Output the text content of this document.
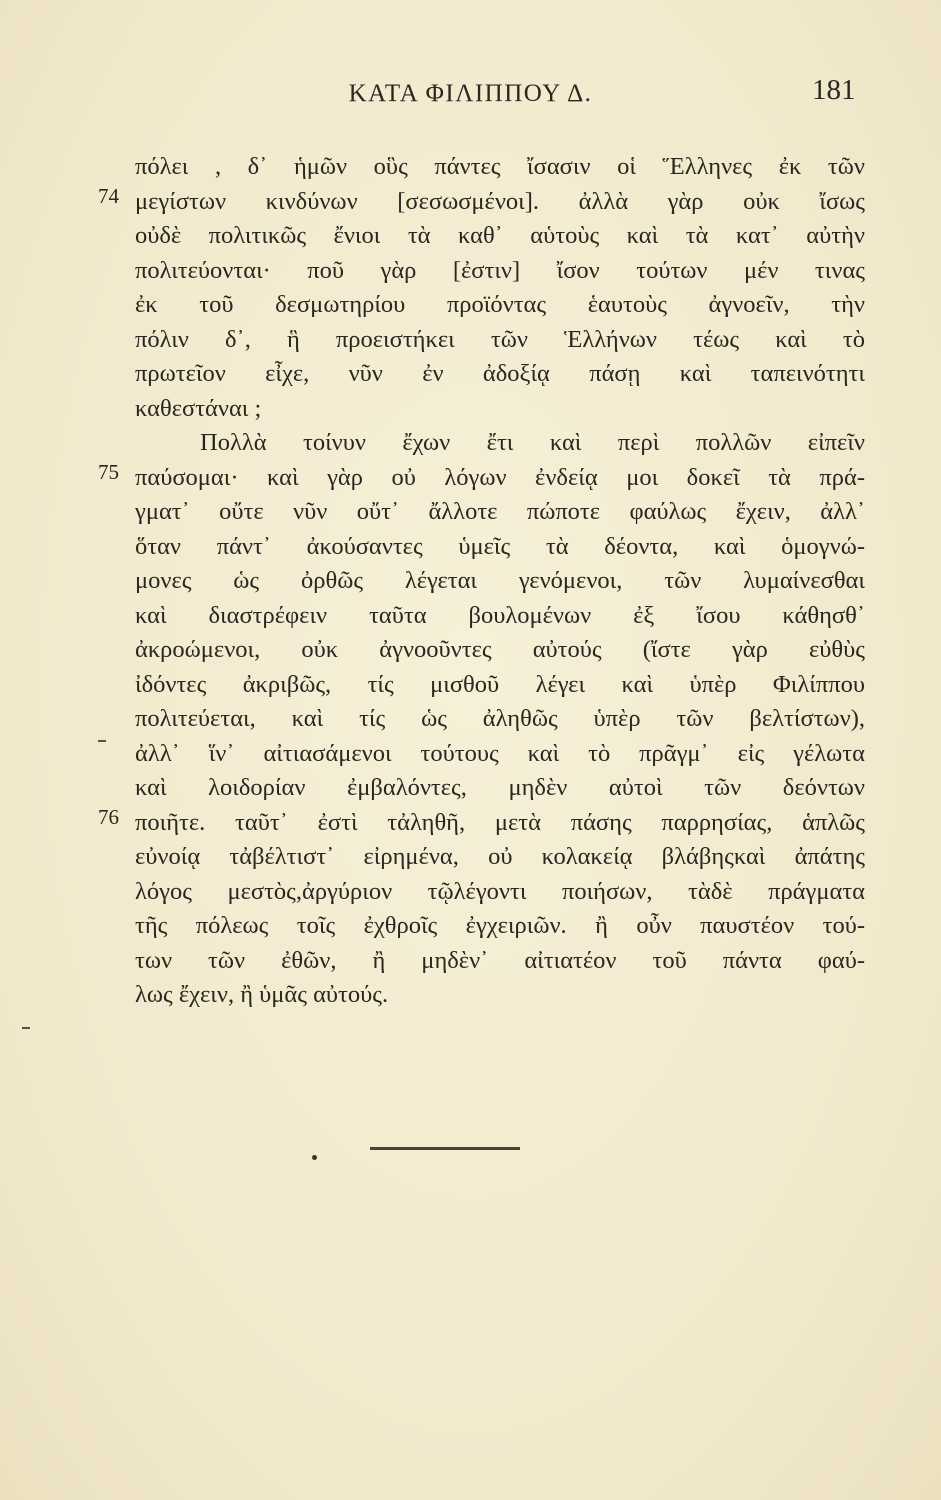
ΚΑΤΑ ΦΙΛΙΠΠΟΥ Δ.	181
74
75
76
πόλει , δ᾽ ἡμῶν οὓς πάντες ἴσασιν οἱ Ἕλληνες ἐκ τῶν
μεγίστων κινδύνων [σεσωσμένοι]. ἀλλὰ γὰρ οὐκ ἴσως
οὐδὲ πολιτικῶς ἔνιοι τὰ καθ᾽ αὑτοὺς καὶ τὰ κατ᾽ αὐτὴν
πολιτεύονται· ποῦ γὰρ [ἐστιν] ἴσον τούτων μέν τινας
ἐκ τοῦ δεσμωτηρίου προϊόντας ἑαυτοὺς ἀγνοεῖν, τὴν
πόλιν δ᾽, ἣ προειστήκει τῶν Ἑλλήνων τέως καὶ τὸ
πρωτεῖον εἶχε, νῦν ἐν ἀδοξίᾳ πάσῃ καὶ ταπεινότητι
καθεστάναι ;
Πολλὰ τοίνυν ἔχων ἔτι καὶ περὶ πολλῶν εἰπεῖν
παύσομαι· καὶ γὰρ οὐ λόγων ἐνδείᾳ μοι δοκεῖ τὰ πρά-
γματ᾽ οὔτε νῦν οὔτ᾽ ἄλλοτε πώποτε φαύλως ἔχειν, ἀλλ᾽
ὅταν πάντ᾽ ἀκούσαντες ὑμεῖς τὰ δέοντα, καὶ ὁμογνώ-
μονες ὡς ὀρθῶς λέγεται γενόμενοι, τῶν λυμαίνεσθαι
καὶ διαστρέφειν ταῦτα βουλομένων ἐξ ἴσου κάθησθ᾽
ἀκροώμενοι, οὐκ ἀγνοοῦντες αὐτούς (ἴστε γὰρ εὐθὺς
ἰδόντες ἀκριβῶς, τίς μισθοῦ λέγει καὶ ὑπὲρ Φιλίππου
πολιτεύεται, καὶ τίς ὡς ἀληθῶς ὑπὲρ τῶν βελτίστων),
ἀλλ᾽ ἵν᾽ αἰτιασάμενοι τούτους καὶ τὸ πρᾶγμ᾽ εἰς γέλωτα
καὶ λοιδορίαν ἐμβαλόντες, μηδὲν αὐτοὶ τῶν δεόντων
ποιῆτε. ταῦτ᾽ ἐστὶ τἀληθῆ, μετὰ πάσης παρρησίας, ἁπλῶς
εὐνοίᾳ τἀβέλτιστ᾽ εἰρημένα, οὐ κολακείᾳ βλάβηςκαὶ ἀπάτης
λόγος μεστὸς,ἀργύριον τῷλέγοντι ποιήσων, τὰδὲ πράγματα
τῆς πόλεως τοῖς ἐχθροῖς ἐγχειριῶν. ἢ οὖν παυστέον τού-
των τῶν ἐθῶν, ἢ μηδὲν᾽ αἰτιατέον τοῦ πάντα φαύ-
λως ἔχειν, ἢ ὑμᾶς αὐτούς.
